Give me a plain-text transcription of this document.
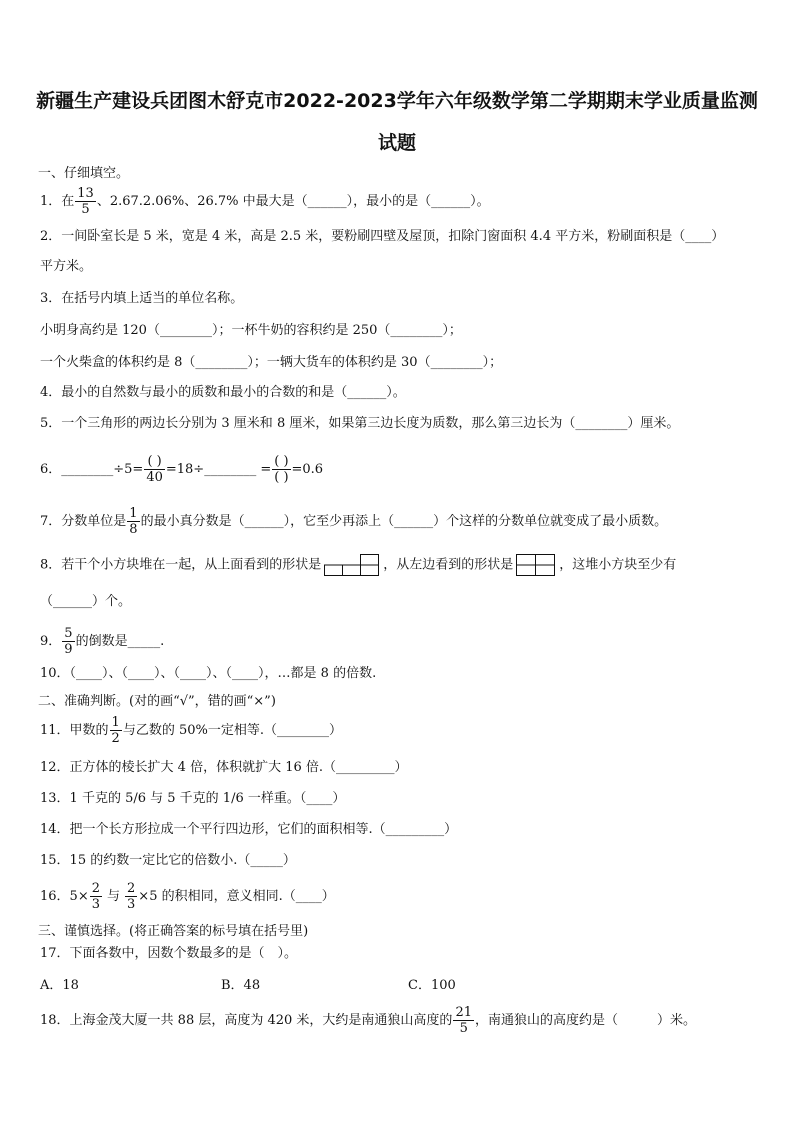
新疆生产建设兵团图木舒克市2022-2023学年六年级数学第二学期期末学业质量监测
试题
一、仔细填空。
1．在 $\frac{13}{5}$ 、2.67.2.06%、26.7% 中最大是（______），最小的是（______）。
2．一间卧室长是 5 米，宽是 4 米，高是 2.5 米，要粉刷四壁及屋顶，扣除门窗面积 4.4 平方米，粉刷面积是（____）
平方米。
3．在括号内填上适当的单位名称。
小明身高约是 120（________）；一杯牛奶的容积约是 250（________）；
一个火柴盒的体积约是 8（________）；一辆大货车的体积约是 30（________）；
4．最小的自然数与最小的质数和最小的合数的和是（______）。
5．一个三角形的两边长分别为 3 厘米和 8 厘米，如果第三边长度为质数，那么第三边长为（________）厘米。
6．________÷5= $\frac{( )}{40}$ =18÷________ = $\frac{( )}{( )} =0.6$
7．分数单位是 $\frac{1}{8}$ 的最小真分数是（______），它至少再添上（______）个这样的分数单位就变成了最小质数。
8．若干个小方块堆在一起，从上面看到的形状是	，从左边看到的形状是	，这堆小方块至少有
（______）个。
9． $\frac{5}{9}$ 的倒数是_____.
10．（____）、（____）、（____）、（____），…都是 8 的倍数.
二、准确判断。(对的画“√”，错的画“×”)
11．甲数的 $\frac{1}{2}$ 与乙数的 50%一定相等.（________）
12．正方体的棱长扩大 4 倍，体积就扩大 16 倍.（_________）
13．1 千克的 5/6 与 5 千克的 1/6 一样重。（____）
14．把一个长方形拉成一个平行四边形，它们的面积相等.（_________）
15．15 的约数一定比它的倍数小.（_____）
16．$5\times \frac{2}{3}$ 与 $\frac{2}{3} \times 5$ 的积相同，意义相同.（____）
三、谨慎选择。(将正确答案的标号填在括号里)
17．下面各数中，因数个数最多的是（　）。
A．18	B．48	C．100
18．上海金茂大厦一共 88 层，高度为 420 米，大约是南通狼山高度的 $\frac{21}{5}$ ，南通狼山的高度约是（　　　）米。
